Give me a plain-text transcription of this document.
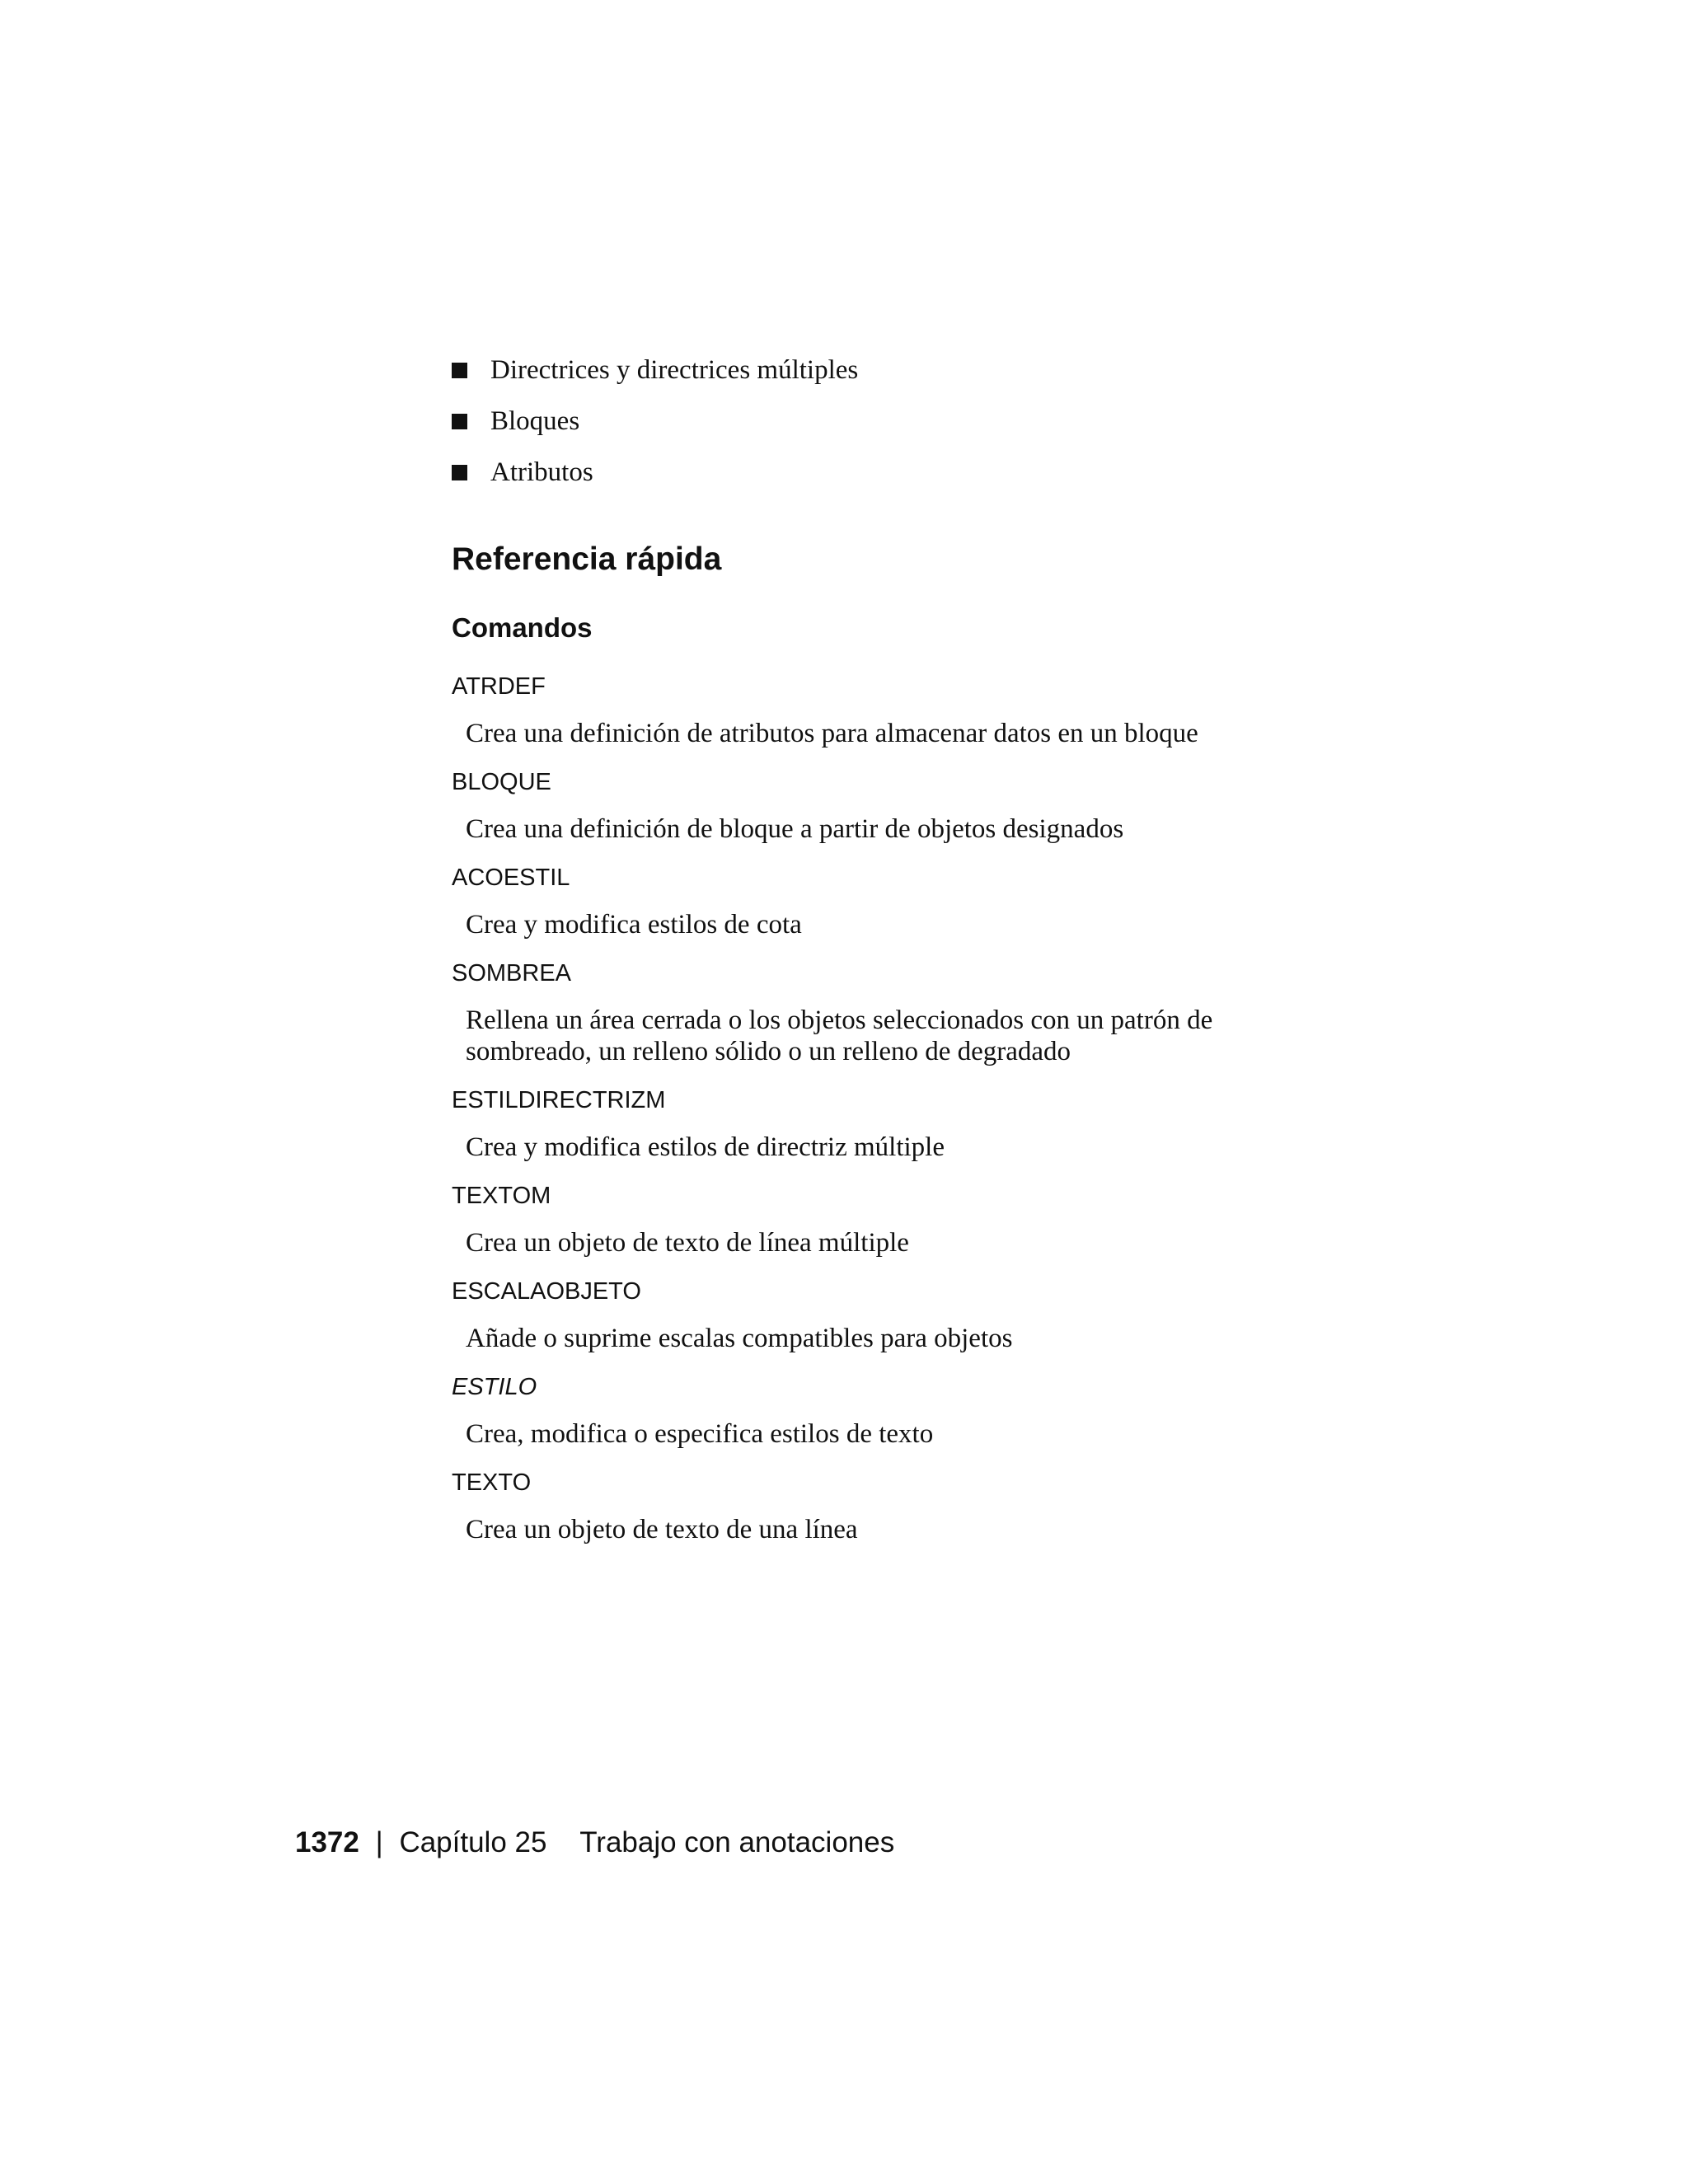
Directrices y directrices múltiples
Bloques
Atributos
Referencia rápida
Comandos
ATRDEF
Crea una definición de atributos para almacenar datos en un bloque
BLOQUE
Crea una definición de bloque a partir de objetos designados
ACOESTIL
Crea y modifica estilos de cota
SOMBREA
Rellena un área cerrada o los objetos seleccionados con un patrón de sombreado, un relleno sólido o un relleno de degradado
ESTILDIRECTRIZM
Crea y modifica estilos de directriz múltiple
TEXTOM
Crea un objeto de texto de línea múltiple
ESCALAOBJETO
Añade o suprime escalas compatibles para objetos
ESTILO
Crea, modifica o especifica estilos de texto
TEXTO
Crea un objeto de texto de una línea
1372 | Capítulo 25 Trabajo con anotaciones
